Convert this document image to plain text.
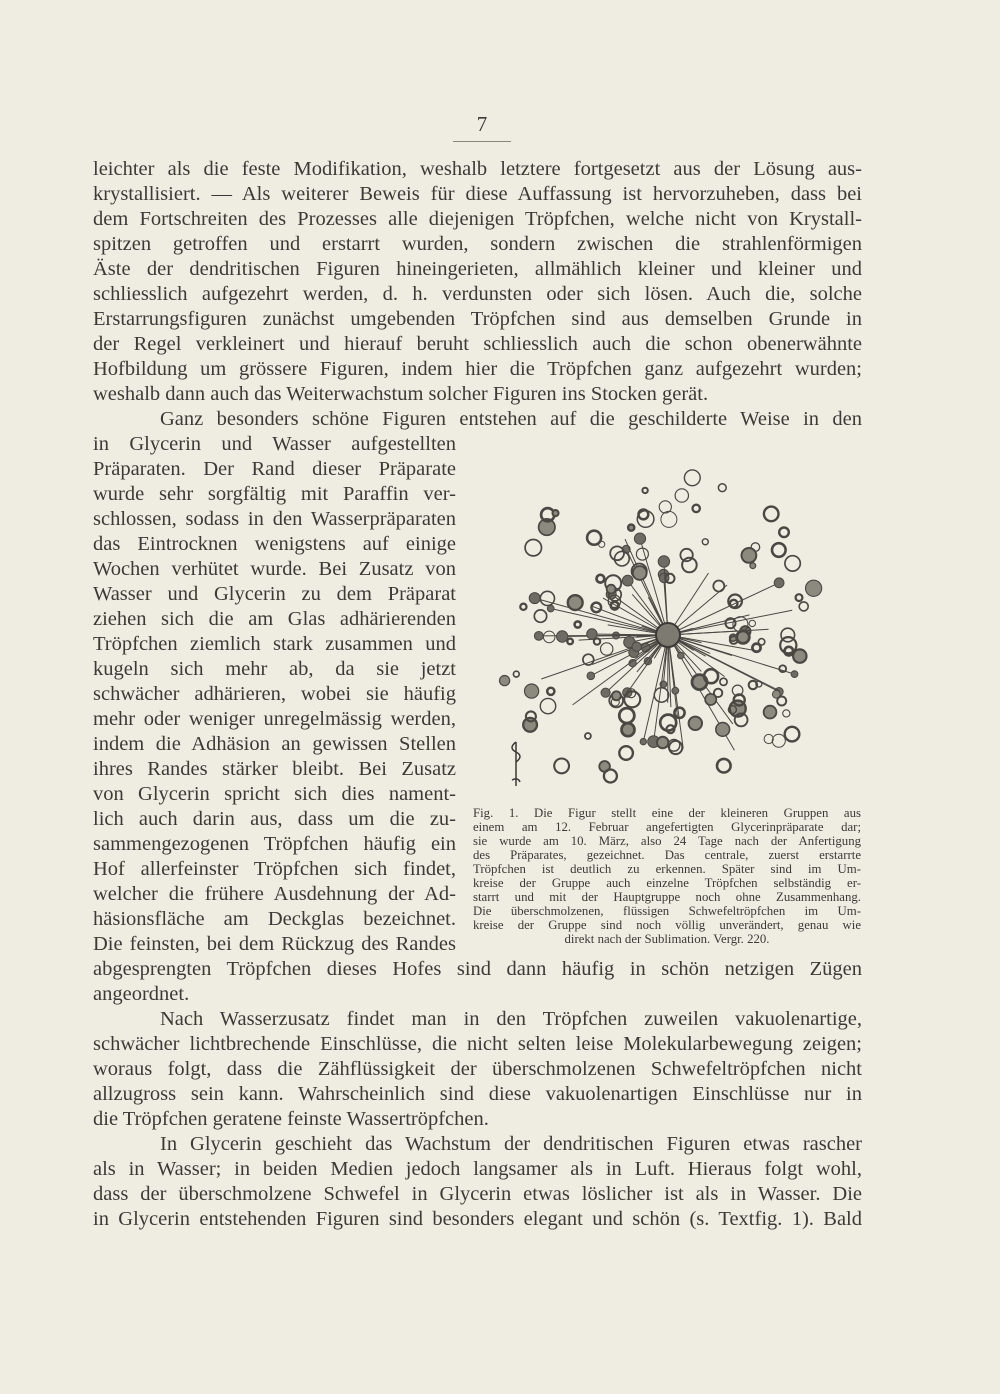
7
leichter als die feste Modifikation, weshalb letztere fortgesetzt aus der Lösung aus-
krystallisiert. — Als weiterer Beweis für diese Auffassung ist hervorzuheben, dass bei
dem Fortschreiten des Prozesses alle diejenigen Tröpfchen, welche nicht von Krystall-
spitzen getroffen und erstarrt wurden, sondern zwischen die strahlenförmigen
Äste der dendritischen Figuren hineingerieten, allmählich kleiner und kleiner und
schliesslich aufgezehrt werden, d. h. verdunsten oder sich lösen. Auch die, solche
Erstarrungsfiguren zunächst umgebenden Tröpfchen sind aus demselben Grunde in
der Regel verkleinert und hierauf beruht schliesslich auch die schon obenerwähnte
Hofbildung um grössere Figuren, indem hier die Tröpfchen ganz aufgezehrt wurden;
weshalb dann auch das Weiterwachstum solcher Figuren ins Stocken gerät.
Ganz besonders schöne Figuren entstehen auf die geschilderte Weise in den
in Glycerin und Wasser aufgestellten
Präparaten. Der Rand dieser Präparate
wurde sehr sorgfältig mit Paraffin ver-
schlossen, sodass in den Wasserpräparaten
das Eintrocknen wenigstens auf einige
Wochen verhütet wurde. Bei Zusatz von
Wasser und Glycerin zu dem Präparat
ziehen sich die am Glas adhärierenden
Tröpfchen ziemlich stark zusammen und
kugeln sich mehr ab, da sie jetzt
schwächer adhärieren, wobei sie häufig
mehr oder weniger unregelmässig werden,
indem die Adhäsion an gewissen Stellen
ihres Randes stärker bleibt. Bei Zusatz
von Glycerin spricht sich dies nament-
lich auch darin aus, dass um die zu-
sammengezogenen Tröpfchen häufig ein
Hof allerfeinster Tröpfchen sich findet,
welcher die frühere Ausdehnung der Ad-
häsionsfläche am Deckglas bezeichnet.
Die feinsten, bei dem Rückzug des Randes
Fig. 1. Die Figur stellt eine der kleineren Gruppen aus
einem am 12. Februar angefertigten Glycerinpräparate dar;
sie wurde am 10. März, also 24 Tage nach der Anfertigung
des Präparates, gezeichnet. Das centrale, zuerst erstarrte
Tröpfchen ist deutlich zu erkennen. Später sind im Um-
kreise der Gruppe auch einzelne Tröpfchen selbständig er-
starrt und mit der Hauptgruppe noch ohne Zusammenhang.
Die überschmolzenen, flüssigen Schwefeltröpfchen im Um-
kreise der Gruppe sind noch völlig unverändert, genau wie
direkt nach der Sublimation. Vergr. 220.
abgesprengten Tröpfchen dieses Hofes sind dann häufig in schön netzigen Zügen
angeordnet.
Nach Wasserzusatz findet man in den Tröpfchen zuweilen vakuolenartige,
schwächer lichtbrechende Einschlüsse, die nicht selten leise Molekularbewegung zeigen;
woraus folgt, dass die Zähflüssigkeit der überschmolzenen Schwefeltröpfchen nicht
allzugross sein kann. Wahrscheinlich sind diese vakuolenartigen Einschlüsse nur in
die Tröpfchen geratene feinste Wassertröpfchen.
In Glycerin geschieht das Wachstum der dendritischen Figuren etwas rascher
als in Wasser; in beiden Medien jedoch langsamer als in Luft. Hieraus folgt wohl,
dass der überschmolzene Schwefel in Glycerin etwas löslicher ist als in Wasser. Die
in Glycerin entstehenden Figuren sind besonders elegant und schön (s. Textfig. 1). Bald
